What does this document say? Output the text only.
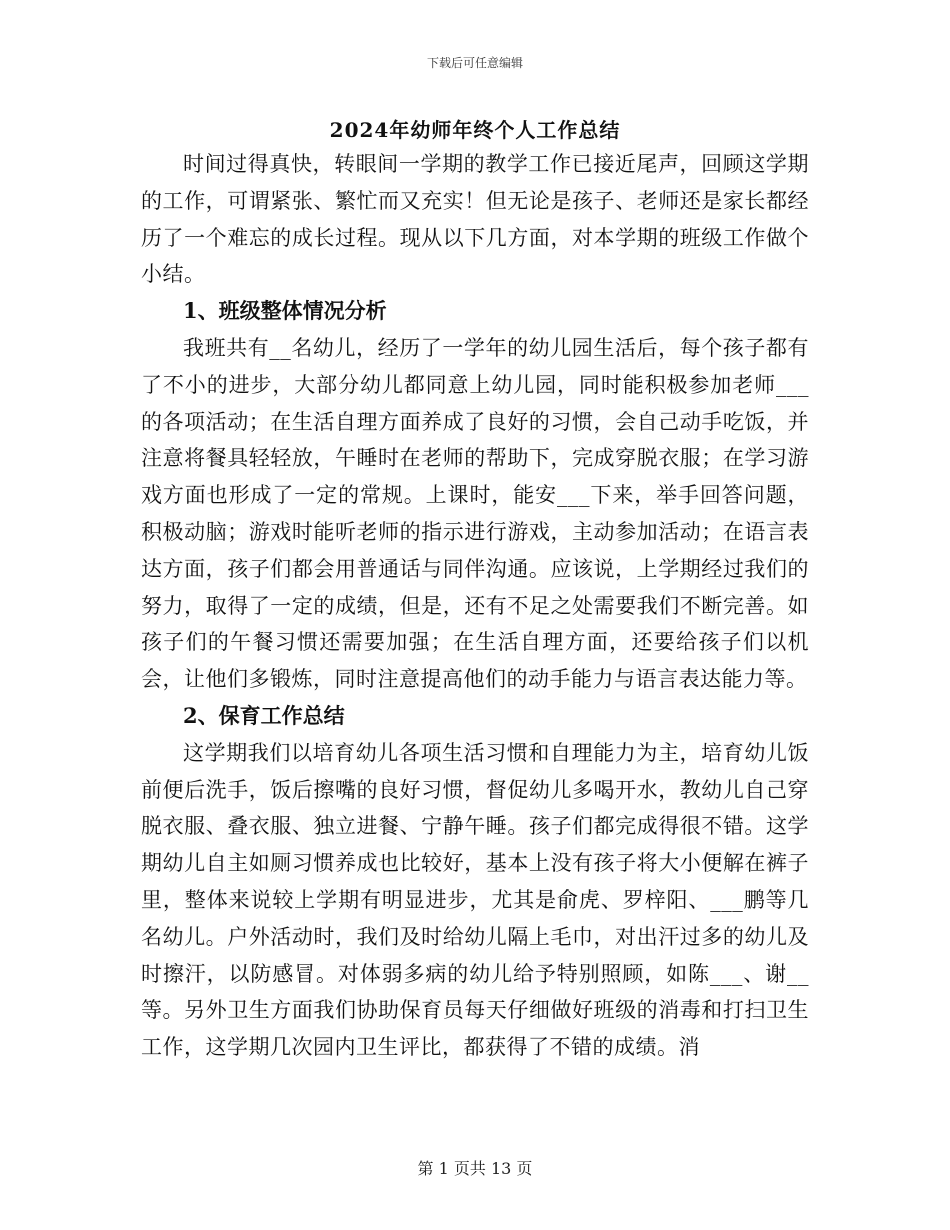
下载后可任意编辑
2024年幼师年终个人工作总结

时间过得真快，转眼间一学期的教学工作已接近尾声，回顾这学期的工作，可谓紧张、繁忙而又充实！但无论是孩子、老师还是家长都经历了一个难忘的成长过程。现从以下几方面，对本学期的班级工作做个小结。

1、班级整体情况分析

我班共有__名幼儿，经历了一学年的幼儿园生活后，每个孩子都有了不小的进步，大部分幼儿都同意上幼儿园，同时能积极参加老师___的各项活动；在生活自理方面养成了良好的习惯，会自己动手吃饭，并注意将餐具轻轻放，午睡时在老师的帮助下，完成穿脱衣服；在学习游戏方面也形成了一定的常规。上课时，能安___下来，举手回答问题，积极动脑；游戏时能听老师的指示进行游戏，主动参加活动；在语言表达方面，孩子们都会用普通话与同伴沟通。应该说，上学期经过我们的努力，取得了一定的成绩，但是，还有不足之处需要我们不断完善。如孩子们的午餐习惯还需要加强；在生活自理方面，还要给孩子们以机会，让他们多锻炼，同时注意提高他们的动手能力与语言表达能力等。

2、保育工作总结

这学期我们以培育幼儿各项生活习惯和自理能力为主，培育幼儿饭前便后洗手，饭后擦嘴的良好习惯，督促幼儿多喝开水，教幼儿自己穿脱衣服、叠衣服、独立进餐、宁静午睡。孩子们都完成得很不错。这学期幼儿自主如厕习惯养成也比较好，基本上没有孩子将大小便解在裤子里，整体来说较上学期有明显进步，尤其是俞虎、罗梓阳、___鹏等几名幼儿。户外活动时，我们及时给幼儿隔上毛巾，对出汗过多的幼儿及时擦汗，以防感冒。对体弱多病的幼儿给予特别照顾，如陈___、谢__等。另外卫生方面我们协助保育员每天仔细做好班级的消毒和打扫卫生工作，这学期几次园内卫生评比，都获得了不错的成绩。消

第 1 页共 13 页
